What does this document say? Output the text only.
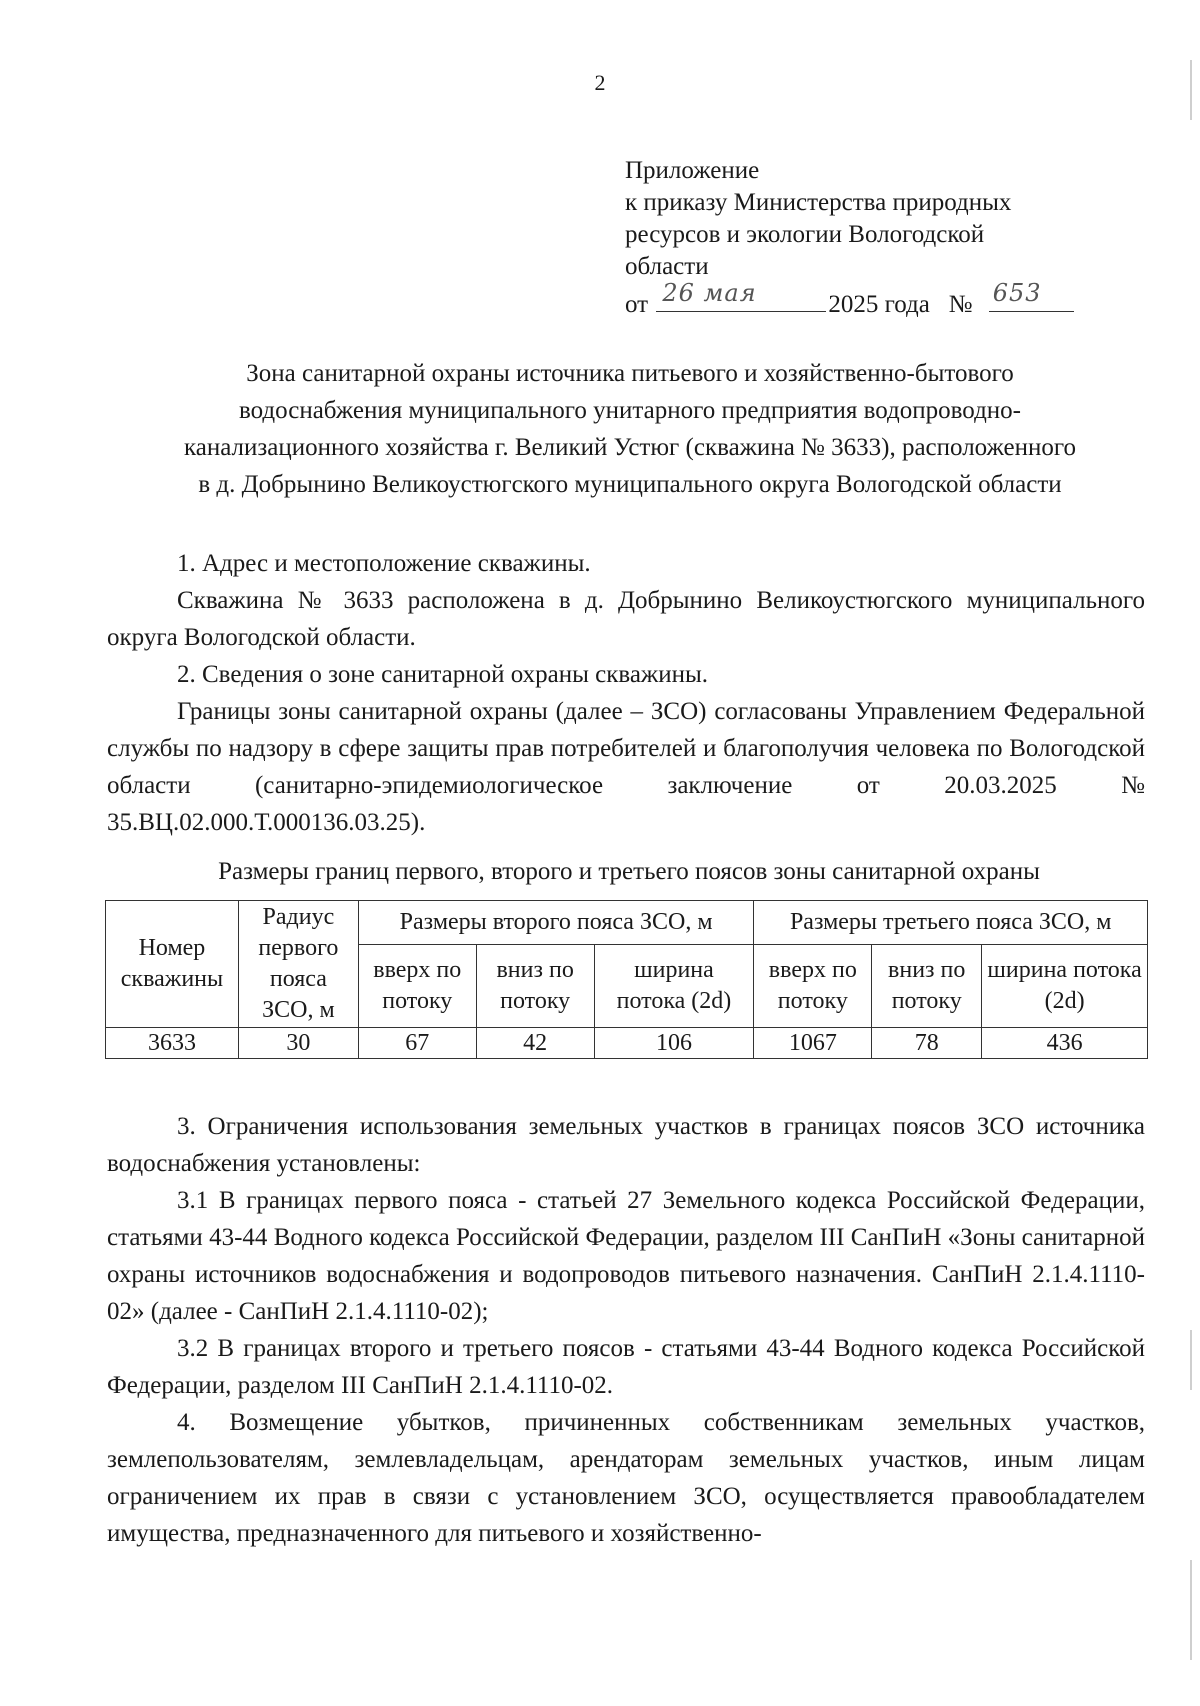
2
Приложение
к приказу Министерства природных
ресурсов и экологии Вологодской
области
от 26 мая	2025 года № 653
Зона санитарной охраны источника питьевого и хозяйственно-бытового
водоснабжения муниципального унитарного предприятия водопроводно-
канализационного хозяйства г. Великий Устюг (скважина № 3633), расположенного
в д. Добрынино Великоустюгского муниципального округа Вологодской области

1. Адрес и местоположение скважины.

Скважина № 3633 расположена в д. Добрынино Великоустюгского муниципального округа Вологодской области.

2. Сведения о зоне санитарной охраны скважины.

Границы зоны санитарной охраны (далее – ЗСО) согласованы Управлением Федеральной службы по надзору в сфере защиты прав потребителей и благополучия человека по Вологодской области (санитарно-эпидемиологическое заключение от 20.03.2025 № 35.ВЦ.02.000.Т.000136.03.25).

Размеры границ первого, второго и третьего поясов зоны санитарной охраны
Номер скважины	Радиус первого пояса ЗСО, м	Размеры второго пояса ЗСО, м			Размеры третьего пояса ЗСО, м		
		вверх по потоку	вниз по потоку	ширина потока (2d)	вверх по потоку	вниз по потоку	ширина потока (2d)
3633	30	67	42	106	1067	78	436

3. Ограничения использования земельных участков в границах поясов ЗСО источника водоснабжения установлены:

3.1 В границах первого пояса - статьей 27 Земельного кодекса Российской Федерации, статьями 43-44 Водного кодекса Российской Федерации, разделом III СанПиН «Зоны санитарной охраны источников водоснабжения и водопроводов питьевого назначения. СанПиН 2.1.4.1110-02» (далее - СанПиН 2.1.4.1110-02);

3.2 В границах второго и третьего поясов - статьями 43-44 Водного кодекса Российской Федерации, разделом III СанПиН 2.1.4.1110-02.

4. Возмещение убытков, причиненных собственникам земельных участков, землепользователям, землевладельцам, арендаторам земельных участков, иным лицам ограничением их прав в связи с установлением ЗСО, осуществляется правообладателем имущества, предназначенного для питьевого и хозяйственно-
